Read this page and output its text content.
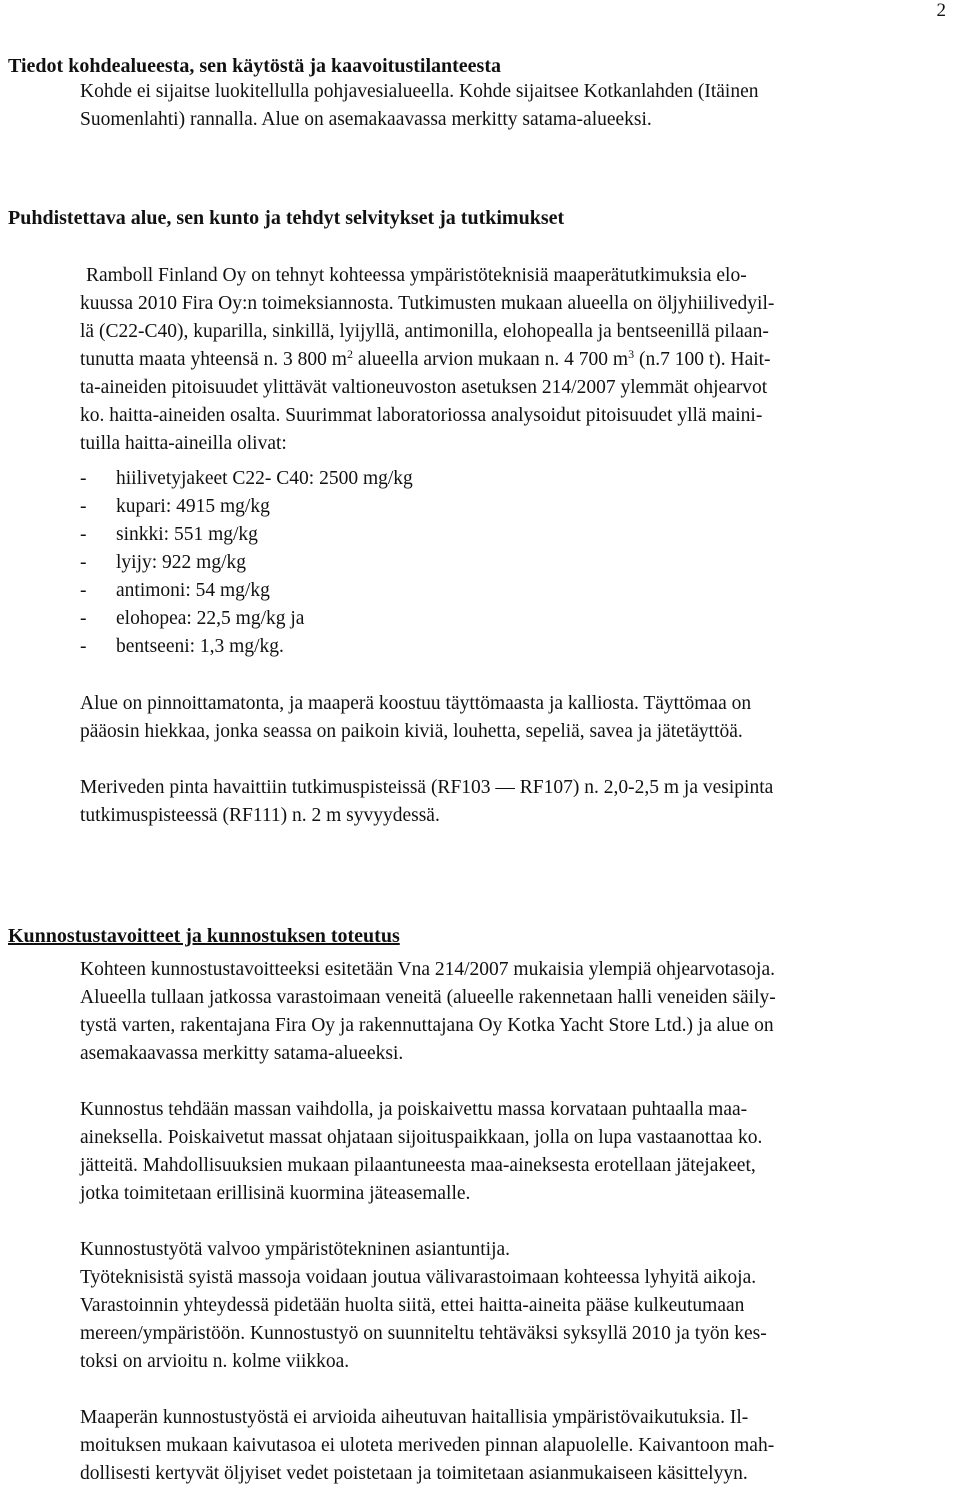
2
Tiedot kohdealueesta, sen käytöstä ja kaavoitustilanteesta

Kohde ei sijaitse luokitellulla pohjavesialueella. Kohde sijaitsee Kotkanlahden (Itäinen
Suomenlahti) rannalla. Alue on asemakaavassa merkitty satama-alueeksi.

Puhdistettava alue, sen kunto ja tehdyt selvitykset ja tutkimukset

Ramboll Finland Oy on tehnyt kohteessa ympäristöteknisiä maaperätutkimuksia elo-
kuussa 2010 Fira Oy:n toimeksiannosta. Tutkimusten mukaan alueella on öljyhiilivedyil-
lä (C22-C40), kuparilla, sinkillä, lyijyllä, antimonilla, elohopealla ja bentseenillä pilaan-
tunutta maata yhteensä n. 3 800 $m^2$ alueella arvion mukaan n. 4 700 $m^3$ (n.7 100 t). Hait-
ta-aineiden pitoisuudet ylittävät valtioneuvoston asetuksen 214/2007 ylemmät ohjearvot
ko. haitta-aineiden osalta. Suurimmat laboratoriossa analysoidut pitoisuudet yllä maini-
tuilla haitta-aineilla olivat:

-	hiilivetyjakeet C22- C40: 2500 mg/kg
-	kupari: 4915 mg/kg
-	sinkki: 551 mg/kg
-	lyijy: 922 mg/kg
-	antimoni: 54 mg/kg
-	elohopea: 22,5 mg/kg ja
-	bentseeni: 1,3 mg/kg.

Alue on pinnoittamatonta, ja maaperä koostuu täyttömaasta ja kalliosta. Täyttömaa on
pääosin hiekkaa, jonka seassa on paikoin kiviä, louhetta, sepeliä, savea ja jätetäyttöä.

Meriveden pinta havaittiin tutkimuspisteissä (RF103 — RF107) n. 2,0-2,5 m ja vesipinta
tutkimuspisteessä (RF111) n. 2 m syvyydessä.

Kunnostustavoitteet ja kunnostuksen toteutus

Kohteen kunnostustavoitteeksi esitetään Vna 214/2007 mukaisia ylempiä ohjearvotasoja.
Alueella tullaan jatkossa varastoimaan veneitä (alueelle rakennetaan halli veneiden säily-
tystä varten, rakentajana Fira Oy ja rakennuttajana Oy Kotka Yacht Store Ltd.) ja alue on
asemakaavassa merkitty satama-alueeksi.

Kunnostus tehdään massan vaihdolla, ja poiskaivettu massa korvataan puhtaalla maa-
aineksella. Poiskaivetut massat ohjataan sijoituspaikkaan, jolla on lupa vastaanottaa ko.
jätteitä. Mahdollisuuksien mukaan pilaantuneesta maa-aineksesta erotellaan jätejakeet,
jotka toimitetaan erillisinä kuormina jäteasemalle.

Kunnostustyötä valvoo ympäristötekninen asiantuntija.
Työteknisistä syistä massoja voidaan joutua välivarastoimaan kohteessa lyhyitä aikoja.
Varastoinnin yhteydessä pidetään huolta siitä, ettei haitta-aineita pääse kulkeutumaan
mereen/ympäristöön. Kunnostustyö on suunniteltu tehtäväksi syksyllä 2010 ja työn kes-
toksi on arvioitu n. kolme viikkoa.

Maaperän kunnostustyöstä ei arvioida aiheutuvan haitallisia ympäristövaikutuksia. Il-
moituksen mukaan kaivutasoa ei uloteta meriveden pinnan alapuolelle. Kaivantoon mah-
dollisesti kertyvät öljyiset vedet poistetaan ja toimitetaan asianmukaiseen käsittelyyn.
